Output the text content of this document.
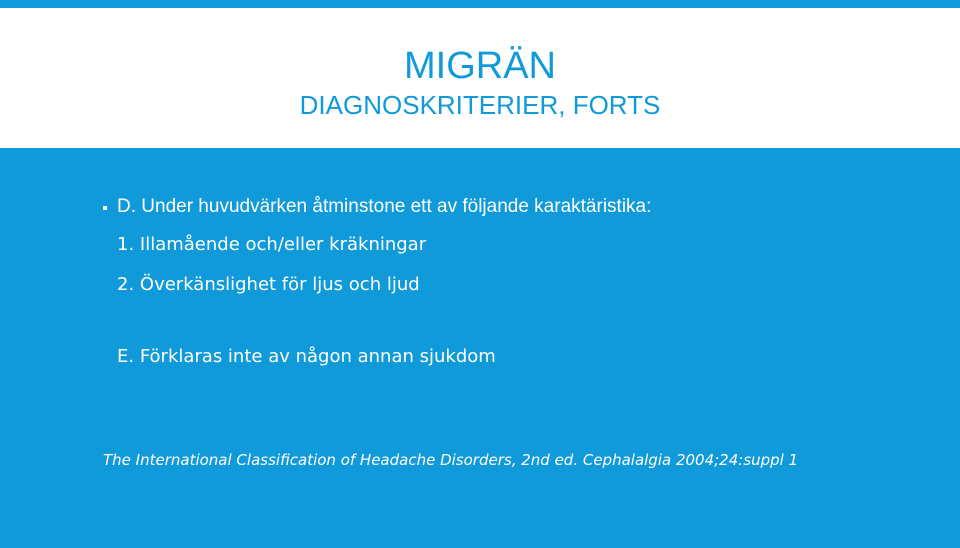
MIGRÄN
DIAGNOSKRITERIER, FORTS
D. Under huvudvärken åtminstone ett av följande karaktäristika:
1. Illamående och/eller kräkningar
2. Överkänslighet för ljus och ljud
E. Förklaras inte av någon annan sjukdom
The International Classification of Headache Disorders, 2nd ed. Cephalalgia 2004;24:suppl 1
